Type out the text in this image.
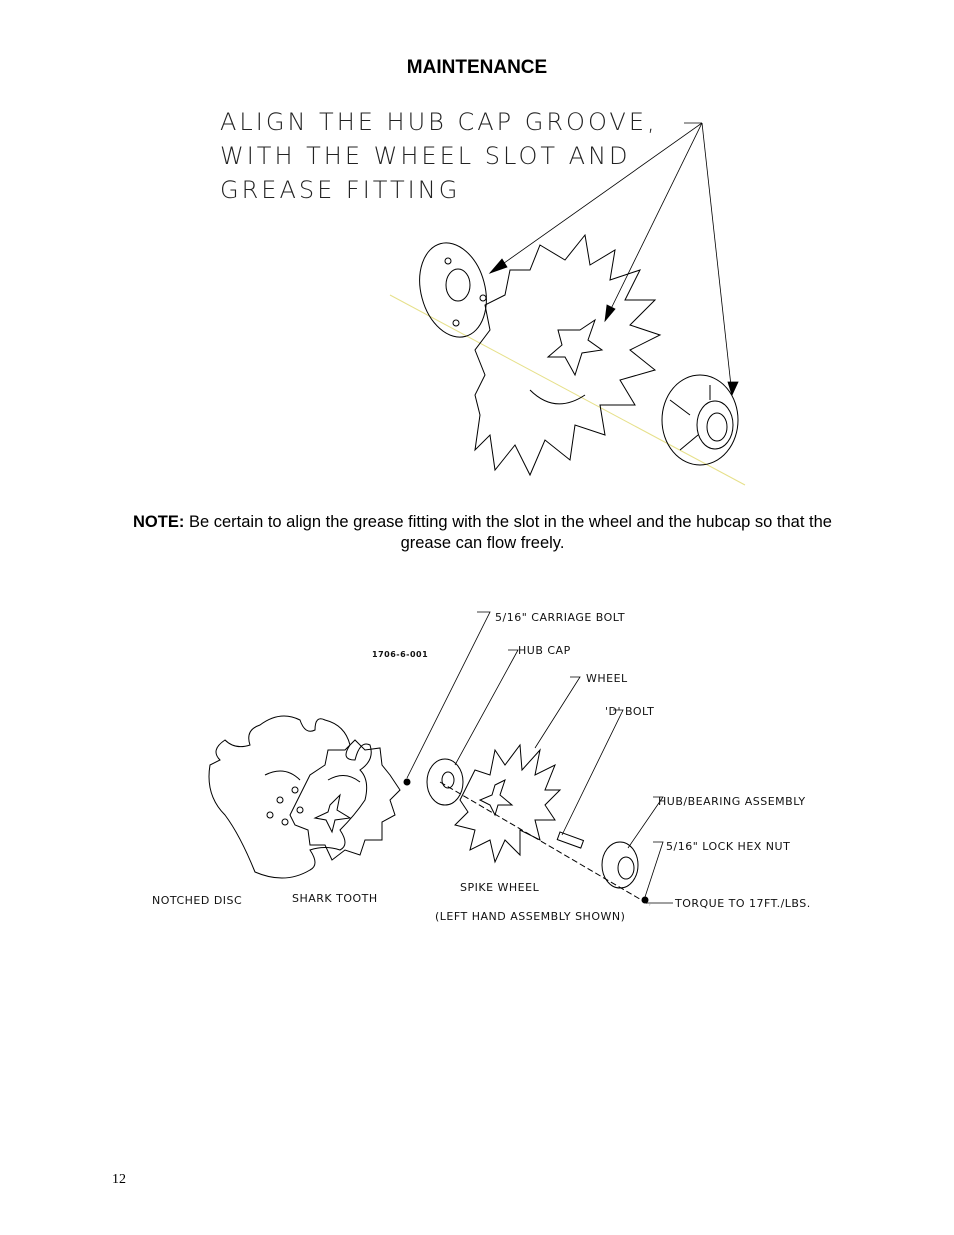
MAINTENANCE
ALIGN THE HUB CAP GROOVE,
WITH THE WHEEL SLOT AND
GREASE FITTING
NOTE: Be certain to align the grease fitting with the slot in the wheel and the hubcap so that the grease can flow freely.
1706-6-001
5/16" CARRIAGE BOLT
HUB CAP
WHEEL
'D' BOLT
HUB/BEARING ASSEMBLY
5/16" LOCK HEX NUT
TORQUE TO 17FT./LBS.
NOTCHED DISC	SHARK TOOTH
SPIKE WHEEL
(LEFT HAND ASSEMBLY SHOWN)
12
